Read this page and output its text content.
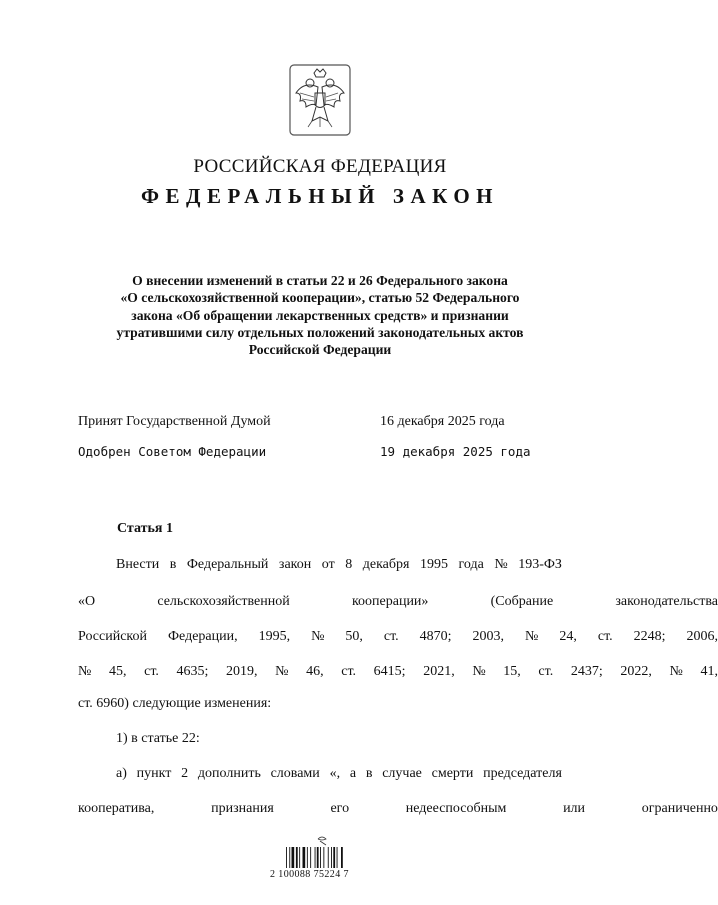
РОССИЙСКАЯ ФЕДЕРАЦИЯ
ФЕДЕРАЛЬНЫЙ ЗАКОН
О внесении изменений в статьи 22 и 26 Федерального закона
«О сельскохозяйственной кооперации», статью 52 Федерального
закона «Об обращении лекарственных средств» и признании
утратившими силу отдельных положений законодательных актов
Российской Федерации
Принят Государственной Думой	16 декабря 2025 года
Одобрен Советом Федерации	19 декабря 2025 года
Статья 1
Внести в Федеральный закон от 8 декабря 1995 года № 193-ФЗ
«О	сельскохозяйственной	кооперации»	(Собрание	законодательства
Российской Федерации, 1995, № 50, ст. 4870; 2003, № 24, ст. 2248; 2006,
№ 45, ст. 4635; 2019, № 46, ст. 6415; 2021, № 15, ст. 2437; 2022, № 41,
ст. 6960) следующие изменения:
1) в статье 22:
а) пункт 2 дополнить словами «, а в случае смерти председателя
кооператива,	признания	его	недееспособным	или	ограниченно
2 100088 75224 7
